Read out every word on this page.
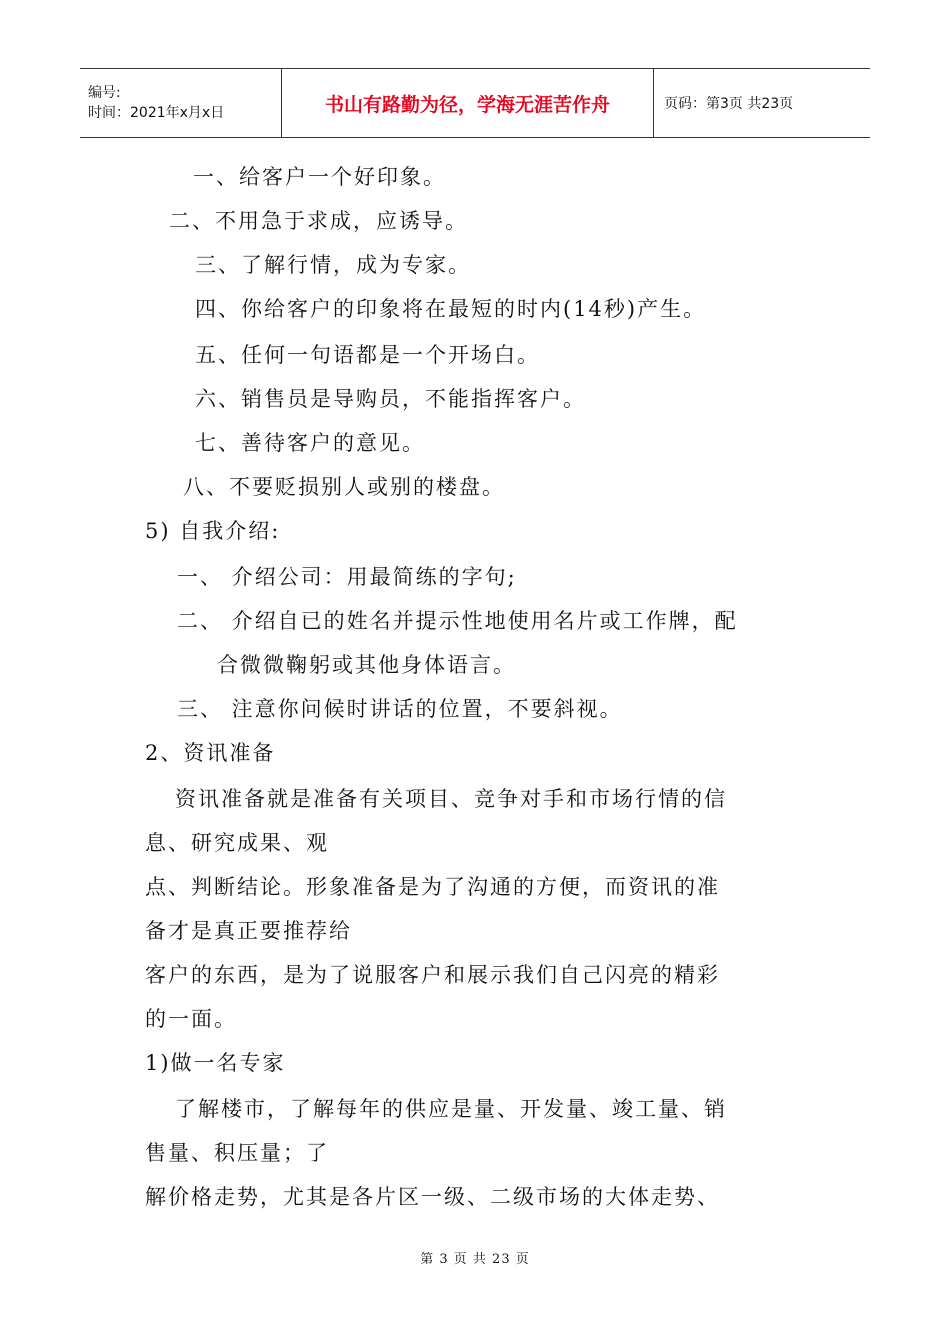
编号:
时间：2021年x月x日	书山有路勤为径，学海无涯苦作舟	页码：第3页 共23页
一、给客户一个好印象。
二、不用急于求成，应诱导。
三、了解行情，成为专家。
四、你给客户的印象将在最短的时内(14秒)产生。
五、任何一句语都是一个开场白。
六、销售员是导购员，不能指挥客户。
七、善待客户的意见。
八、不要贬损别人或别的楼盘。
5) 自我介绍:
一、 介绍公司：用最简练的字句;
二、 介绍自已的姓名并提示性地使用名片或工作牌，配
合微微鞠躬或其他身体语言。
三、 注意你问候时讲话的位置，不要斜视。
2、资讯准备
资讯准备就是准备有关项目、竞争对手和市场行情的信
息、研究成果、观
点、判断结论。形象准备是为了沟通的方便，而资讯的准
备才是真正要推荐给
客户的东西，是为了说服客户和展示我们自己闪亮的精彩
的一面。
1)做一名专家
了解楼市，了解每年的供应是量、开发量、竣工量、销
售量、积压量；了
解价格走势，尤其是各片区一级、二级市场的大体走势、
第 3 页 共 23 页
